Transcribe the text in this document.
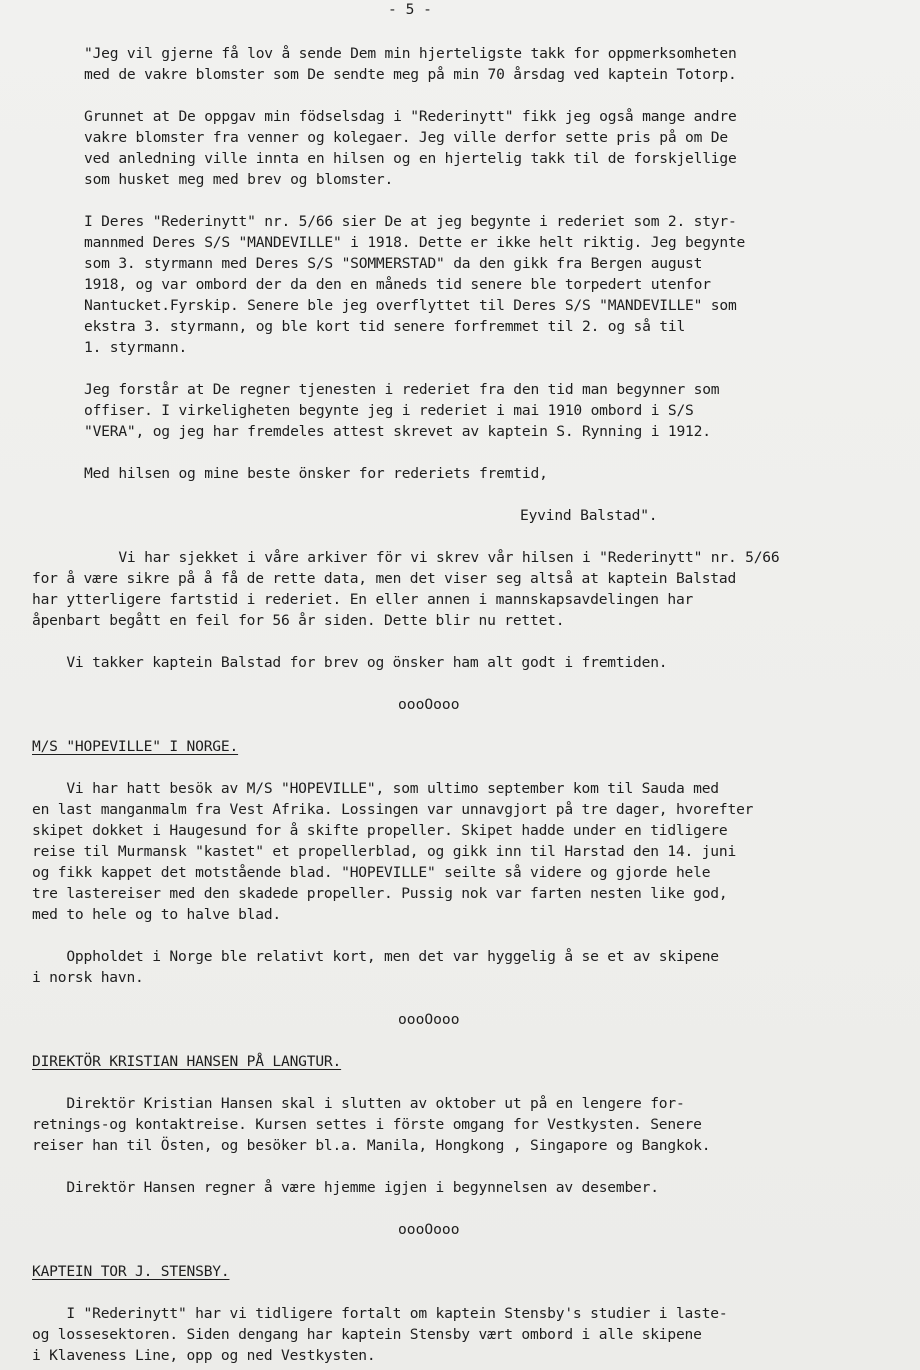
- 5 -
"Jeg vil gjerne få lov å sende Dem min hjerteligste takk for oppmerksomheten
med de vakre blomster som De sendte meg på min 70 årsdag ved kaptein Totorp.
Grunnet at De oppgav min födselsdag i "Rederinytt" fikk jeg også mange andre
vakre blomster fra venner og kolegaer. Jeg ville derfor sette pris på om De
ved anledning ville innta en hilsen og en hjertelig takk til de forskjellige
som husket meg med brev og blomster.
I Deres "Rederinytt" nr. 5/66 sier De at jeg begynte i rederiet som 2. styr-
mannmed Deres S/S "MANDEVILLE" i 1918. Dette er ikke helt riktig. Jeg begynte
som 3. styrmann med Deres S/S "SOMMERSTAD" da den gikk fra Bergen august
1918, og var ombord der da den en måneds tid senere ble torpedert utenfor
Nantucket.Fyrskip. Senere ble jeg overflyttet til Deres S/S "MANDEVILLE" som
ekstra 3. styrmann, og ble kort tid senere forfremmet til 2. og så til
1. styrmann.
Jeg forstår at De regner tjenesten i rederiet fra den tid man begynner som
offiser. I virkeligheten begynte jeg i rederiet i mai 1910 ombord i S/S
"VERA", og jeg har fremdeles attest skrevet av kaptein S. Rynning i 1912.
Med hilsen og mine beste önsker for rederiets fremtid,
Eyvind Balstad".
Vi har sjekket i våre arkiver för vi skrev vår hilsen i "Rederinytt" nr. 5/66
for å være sikre på å få de rette data, men det viser seg altså at kaptein Balstad
har ytterligere fartstid i rederiet. En eller annen i mannskapsavdelingen har
åpenbart begått en feil for 56 år siden. Dette blir nu rettet.
Vi takker kaptein Balstad for brev og önsker ham alt godt i fremtiden.
Vi har hatt besök av M/S "HOPEVILLE", som ultimo september kom til Sauda med
en last manganmalm fra Vest Afrika. Lossingen var unnavgjort på tre dager, hvorefter
skipet dokket i Haugesund for å skifte propeller. Skipet hadde under en tidligere
reise til Murmansk "kastet" et propellerblad, og gikk inn til Harstad den 14. juni
og fikk kappet det motstående blad. "HOPEVILLE" seilte så videre og gjorde hele
tre lastereiser med den skadede propeller. Pussig nok var farten nesten like god,
med to hele og to halve blad.
Oppholdet i Norge ble relativt kort, men det var hyggelig å se et av skipene
i norsk havn.
Direktör Kristian Hansen skal i slutten av oktober ut på en lengere for-
retnings-og kontaktreise. Kursen settes i förste omgang for Vestkysten. Senere
reiser han til Östen, og besöker bl.a. Manila, Hongkong , Singapore og Bangkok.
Direktör Hansen regner å være hjemme igjen i begynnelsen av desember.
I "Rederinytt" har vi tidligere fortalt om kaptein Stensby's studier i laste-
og lossesektoren. Siden dengang har kaptein Stensby vært ombord i alle skipene
i Klaveness Line, opp og ned Vestkysten.
M/S "HOPEVILLE" I NORGE.
DIREKTÖR KRISTIAN HANSEN PÅ LANGTUR.
KAPTEIN TOR J. STENSBY.
oooOooo
oooOooo
oooOooo
